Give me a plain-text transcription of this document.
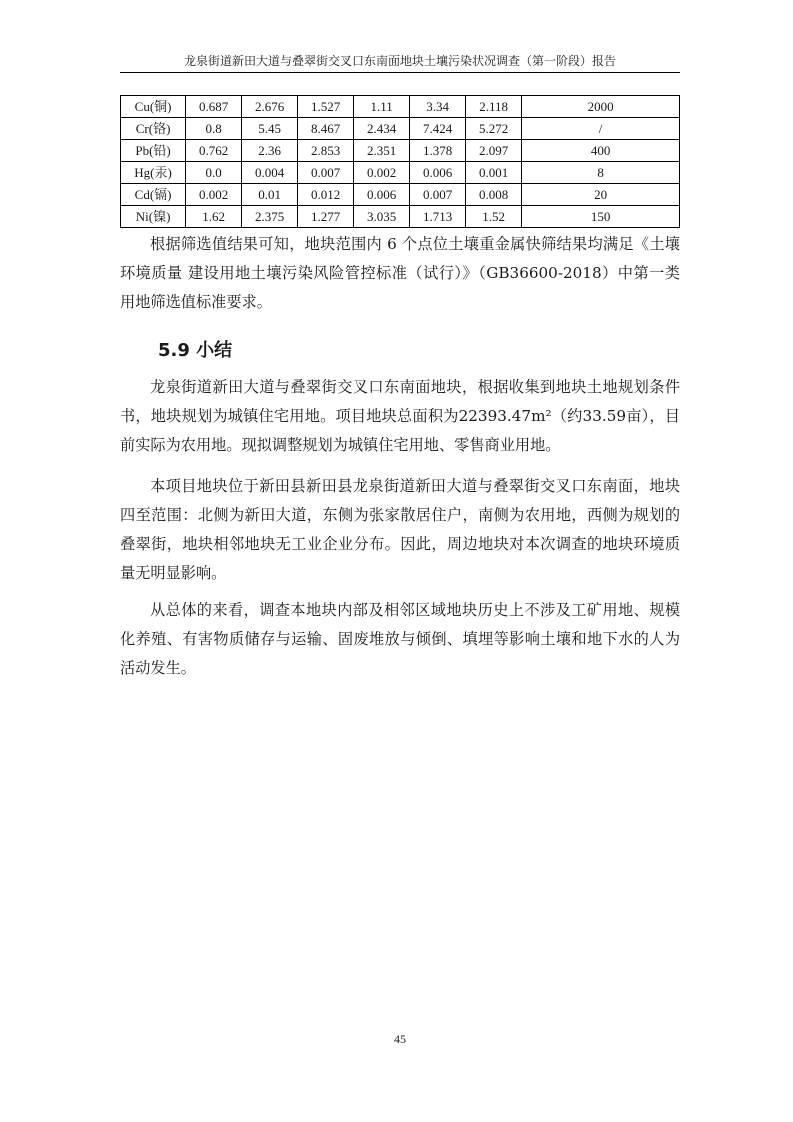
龙泉街道新田大道与叠翠街交叉口东南面地块土壤污染状况调查（第一阶段）报告
Cu(铜)	0.687	2.676	1.527	1.11	3.34	2.118	2000
Cr(铬)	0.8	5.45	8.467	2.434	7.424	5.272	/
Pb(铅)	0.762	2.36	2.853	2.351	1.378	2.097	400
Hg(汞)	0.0	0.004	0.007	0.002	0.006	0.001	8
Cd(镉)	0.002	0.01	0.012	0.006	0.007	0.008	20
Ni(镍)	1.62	2.375	1.277	3.035	1.713	1.52	150

根据筛选值结果可知，地块范围内 6 个点位土壤重金属快筛结果均满足《土壤环境质量 建设用地土壤污染风险管控标准（试行）》（GB36600-2018）中第一类用地筛选值标准要求。

5.9 小结

龙泉街道新田大道与叠翠街交叉口东南面地块，根据收集到地块土地规划条件书，地块规划为城镇住宅用地。项目地块总面积为22393.47m²（约33.59亩），目前实际为农用地。现拟调整规划为城镇住宅用地、零售商业用地。

本项目地块位于新田县新田县龙泉街道新田大道与叠翠街交叉口东南面，地块四至范围：北侧为新田大道，东侧为张家散居住户，南侧为农用地，西侧为规划的叠翠街，地块相邻地块无工业企业分布。因此，周边地块对本次调查的地块环境质量无明显影响。

从总体的来看，调查本地块内部及相邻区域地块历史上不涉及工矿用地、规模化养殖、有害物质储存与运输、固废堆放与倾倒、填埋等影响土壤和地下水的人为活动发生。

45
